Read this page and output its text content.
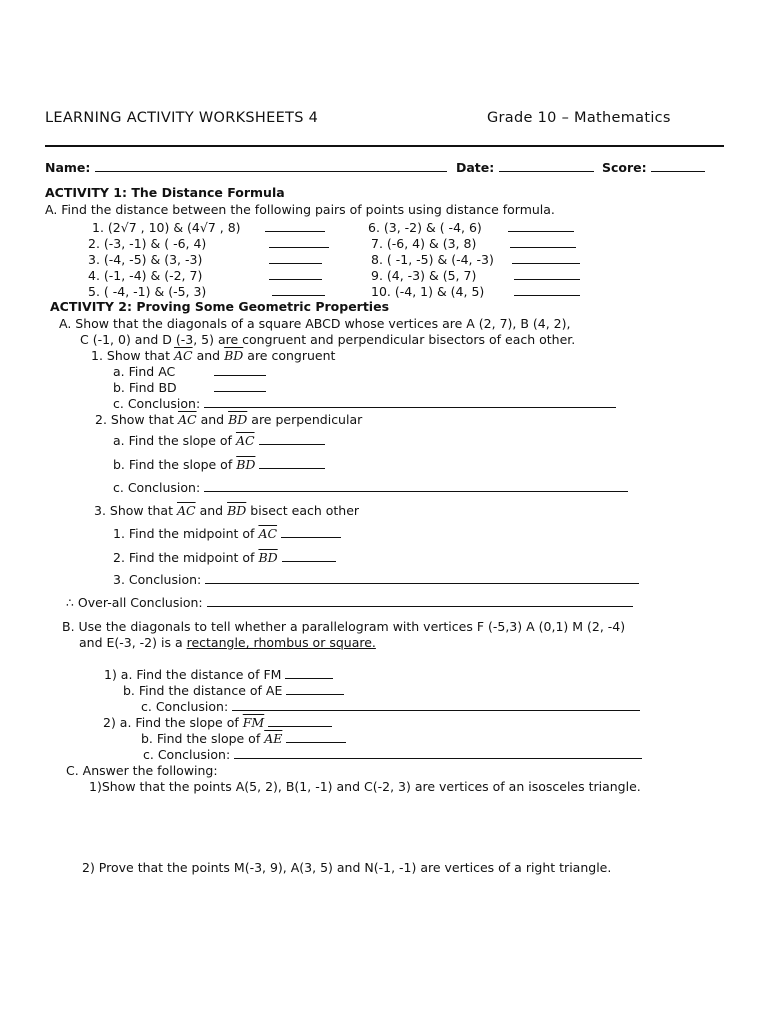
LEARNING ACTIVITY WORKSHEETS 4	Grade 10 – Mathematics
Name:	Date:	Score:
ACTIVITY 1: The Distance Formula
A. Find the distance between the following pairs of points using distance formula.
1. (2√7 , 10) & (4√7 , 8)
2. (-3, -1) & ( -6, 4)
3. (-4, -5) & (3, -3)
4. (-1, -4) & (-2, 7)
5. ( -4, -1) & (-5, 3)
6. (3, -2) & ( -4, 6)
7. (-6, 4) & (3, 8)
8. ( -1, -5) & (-4, -3)
9. (4, -3) & (5, 7)
10. (-4, 1) & (4, 5)
ACTIVITY 2: Proving Some Geometric Properties
A. Show that the diagonals of a square ABCD whose vertices are A (2, 7), B (4, 2),
C (-1, 0) and D (-3, 5) are congruent and perpendicular bisectors of each other.
1. Show that $\overline{AC}$ and $\overline{BD}$ are congruent
a. Find AC
b. Find BD
c. Conclusion:
2. Show that $\overline{AC}$ and $\overline{BD}$ are perpendicular
a. Find the slope of $\overline{AC}$
b. Find the slope of $\overline{BD}$
c. Conclusion:
3. Show that $\overline{AC}$ and $\overline{BD}$ bisect each other
1. Find the midpoint of $\overline{AC}$
2. Find the midpoint of $\overline{BD}$
3. Conclusion:
∴ Over-all Conclusion:
B. Use the diagonals to tell whether a parallelogram with vertices F (-5,3) A (0,1) M (2, -4)
and E(-3, -2) is a rectangle, rhombus or square.
1) a. Find the distance of FM
b. Find the distance of AE
c. Conclusion:
2) a. Find the slope of $\overline{FM}$
b. Find the slope of $\overline{AE}$
c. Conclusion:
C. Answer the following:
1)Show that the points A(5, 2), B(1, -1) and C(-2, 3) are vertices of an isosceles triangle.
2) Prove that the points M(-3, 9), A(3, 5) and N(-1, -1) are vertices of a right triangle.
